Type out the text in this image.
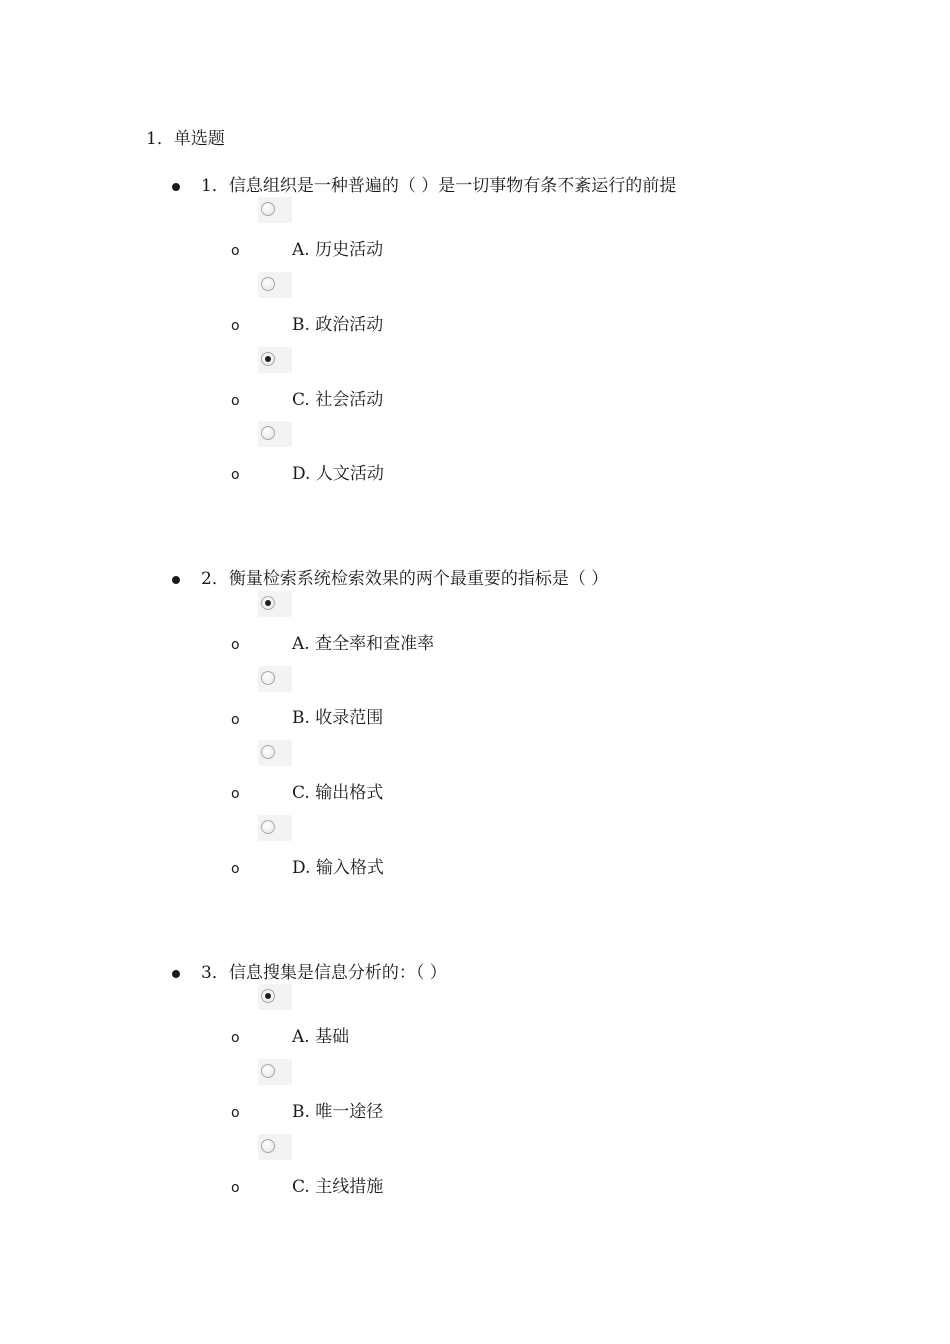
1．单选题
1．信息组织是一种普遍的（ ）是一切事物有条不紊运行的前提
o	A. 历史活动
o	B. 政治活动
o	C. 社会活动
o	D. 人文活动
2．衡量检索系统检索效果的两个最重要的指标是（ ）
o	A. 查全率和查准率
o	B. 收录范围
o	C. 输出格式
o	D. 输入格式
3．信息搜集是信息分析的：（ ）
o	A. 基础
o	B. 唯一途径
o	C. 主线措施
